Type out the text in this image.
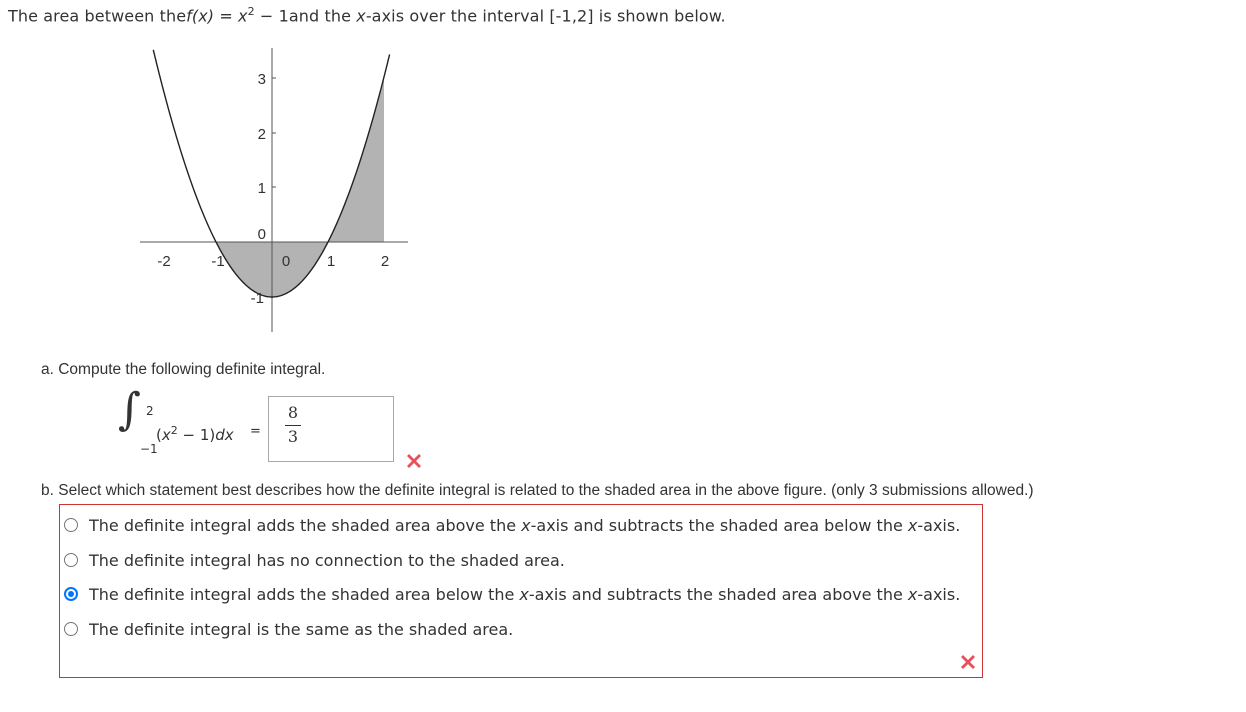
The area between thef(x) = $x^2 - 1and$ the x-axis over the interval [-1,2] is shown below.
-2	-1	0 1	2
3
2
1
0
-1
a. Compute the following definite integral.
∫ 2
−1
$(x^2 - 1)dx$ =
8
3
b. Select which statement best describes how the definite integral is related to the shaded area in the above figure. (only 3 submissions allowed.)
The definite integral adds the shaded area above the x-axis and subtracts the shaded area below the x-axis.
The definite integral has no connection to the shaded area.
The definite integral adds the shaded area below the x-axis and subtracts the shaded area above the x-axis.
The definite integral is the same as the shaded area.
